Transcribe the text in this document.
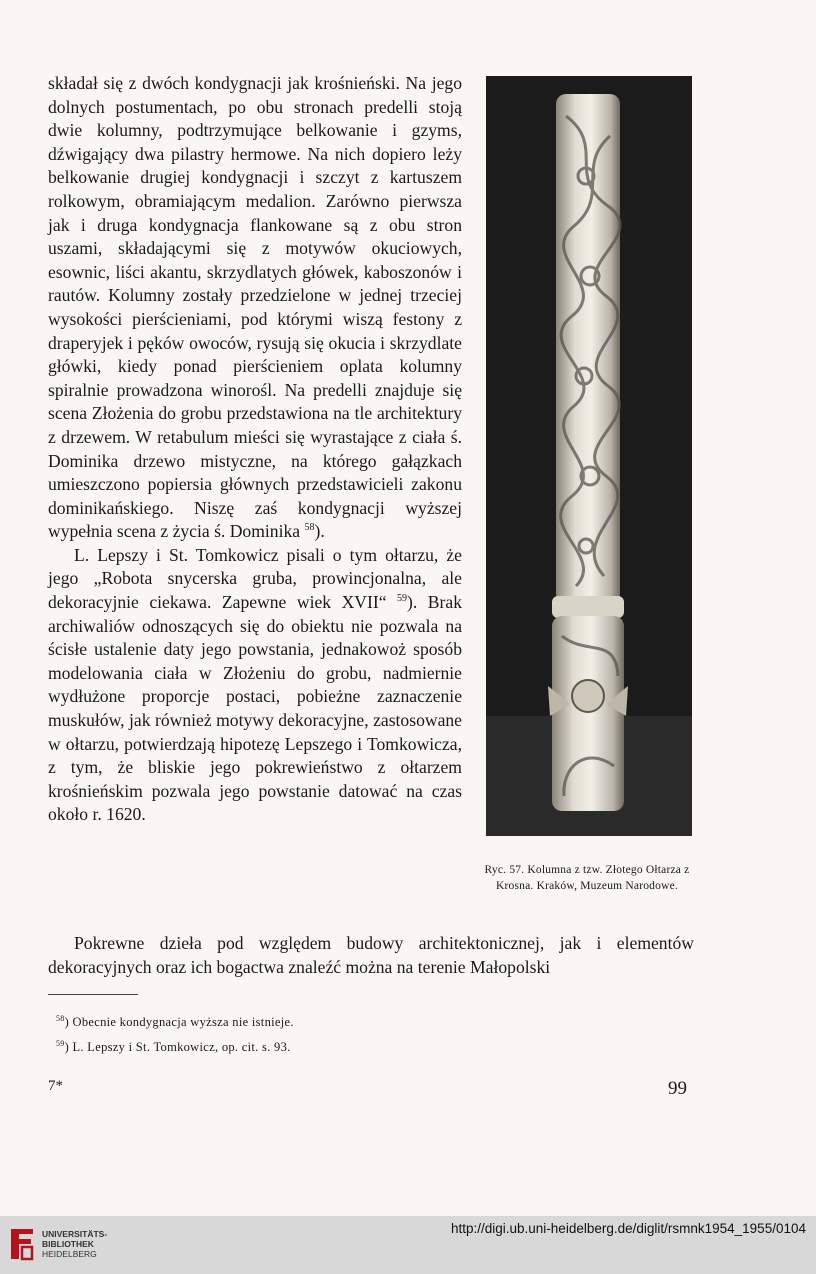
składał się z dwóch kondygnacji jak krośnieński. Na jego dolnych postumentach, po obu stronach predelli stoją dwie kolumny, podtrzymujące belkowanie i gzyms, dźwigający dwa pilastry hermowe. Na nich dopiero leży belkowanie drugiej kondygnacji i szczyt z kartuszem rolkowym, obramiającym medalion. Zarówno pierwsza jak i druga kondygnacja flankowane są z obu stron uszami, składającymi się z motywów okuciowych, esownic, liści akantu, skrzydlatych główek, kaboszonów i rautów. Kolumny zostały przedzielone w jednej trzeciej wysokości pierścieniami, pod którymi wiszą festony z draperyjek i pęków owoców, rysują się okucia i skrzydlate główki, kiedy ponad pierścieniem oplata kolumny spiralnie prowadzona winorośl. Na predelli znajduje się scena Złożenia do grobu przedstawiona na tle architektury z drzewem. W retabulum mieści się wyrastające z ciała ś. Dominika drzewo mistyczne, na którego gałązkach umieszczono popiersia głównych przedstawicieli zakonu dominikańskiego. Niszę zaś kondygnacji wyższej wypełnia scena z życia ś. Dominika $^{58}$).

L. Lepszy i St. Tomkowicz pisali o tym ołtarzu, że jego „Robota snycerska gruba, prowincjonalna, ale dekoracyjnie ciekawa. Zapewne wiek XVII“ $^{59}$). Brak archiwaliów odnoszących się do obiektu nie pozwala na ścisłe ustalenie daty jego powstania, jednakowoż sposób modelowania ciała w Złożeniu do grobu, nadmiernie wydłużone proporcje postaci, pobieżne zaznaczenie muskułów, jak również motywy dekoracyjne, zastosowane w ołtarzu, potwierdzają hipotezę Lepszego i Tomkowicza, z tym, że bliskie jego pokrewieństwo z ołtarzem krośnieńskim pozwala jego powstanie datować na czas około r. 1620.

Pokrewne dzieła pod względem budowy architektonicznej, jak i elementów dekoracyjnych oraz ich bogactwa znaleźć można na terenie Małopolski

Ryc. 57. Kolumna z tzw. Złotego Ołtarza z Krosna. Kraków, Muzeum Narodowe.
$^{58}$) Obecnie kondygnacja wyższa nie istnieje.
$^{59}$) L. Lepszy i St. Tomkowicz, op. cit. s. 93.
7*	99
UNIVERSITÄTS-
BIBLIOTHEK
HEIDELBERG
http://digi.ub.uni-heidelberg.de/diglit/rsmnk1954_1955/0104
